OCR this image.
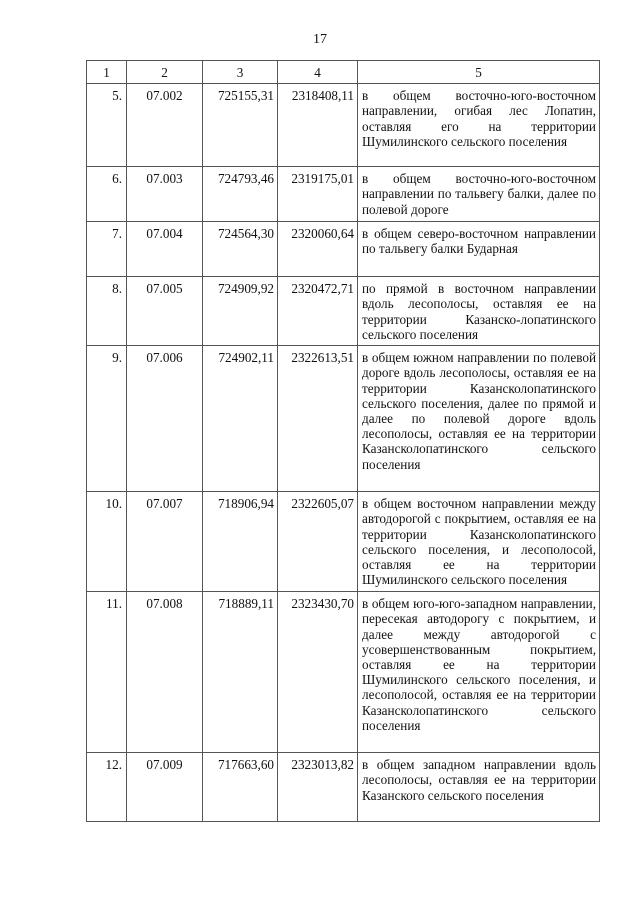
17
1	2	3	4	5
5.	07.002	725155,31	2318408,11	в общем восточно-юго-восточном направлении, огибая лес Лопатин, оставляя его на территории Шумилинского сельского поселения

6.	07.003	724793,46	2319175,01	в общем восточно-юго-восточном направлении по тальвегу балки, далее по полевой дороге

7.	07.004	724564,30	2320060,64	в общем северо-восточном направлении по тальвегу балки Бударная

8.	07.005	724909,92	2320472,71	по прямой в восточном направлении вдоль лесополосы, оставляя ее на территории Казанско-лопатинского сельского поселения

9.	07.006	724902,11	2322613,51	в общем южном направлении по полевой дороге вдоль лесополосы, оставляя ее на территории Казанcколопатинского сельского поселения, далее по прямой и далее по полевой дороге вдоль лесополосы, оставляя ее на территории Казанcколопатинского сельского поселения

10.	07.007	718906,94	2322605,07	в общем восточном направлении между автодорогой с покрытием, оставляя ее на территории Казанcколопатинского сельского поселения, и лесополосой, оставляя ее на территории Шумилинского сельского поселения

11.	07.008	718889,11	2323430,70	в общем юго-юго-западном направлении, пересекая автодорогу с покрытием, и далее между автодорогой с усовершенствованным покрытием, оставляя ее на территории Шумилинского сельского поселения, и лесополосой, оставляя ее на территории Казанcколопатинского сельского поселения

12.	07.009	717663,60	2323013,82	в общем западном направлении вдоль лесополосы, оставляя ее на территории Казанского сельского поселения
